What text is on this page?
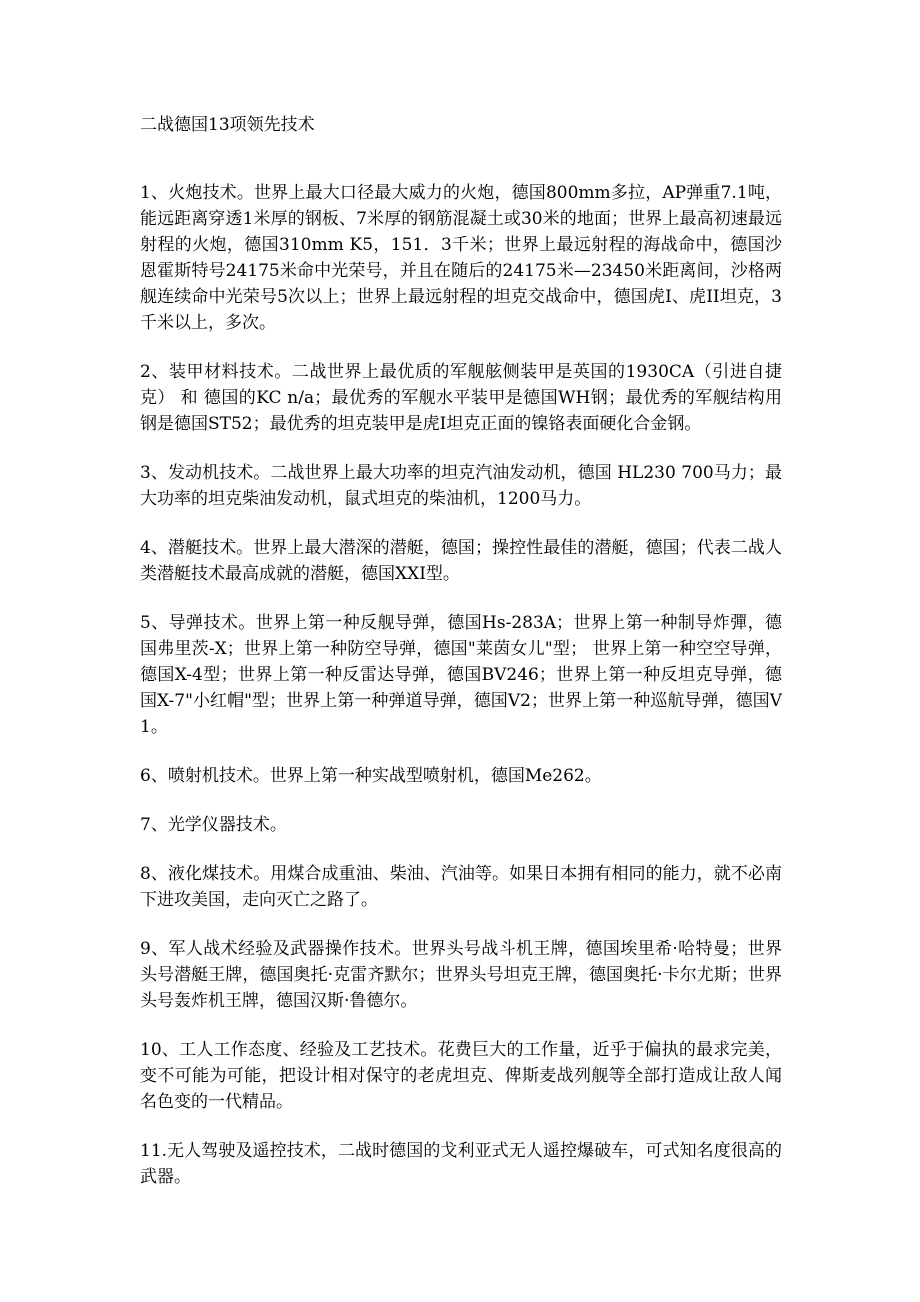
二战德国13项领先技术

1、火炮技术。世界上最大口径最大威力的火炮，德国800mm多拉，AP弹重7.1吨，能远距离穿透1米厚的钢板、7米厚的钢筋混凝土或30米的地面；世界上最高初速最远射程的火炮，德国310mm K5，151．3千米；世界上最远射程的海战命中，德国沙恩霍斯特号24175米命中光荣号，并且在随后的24175米—23450米距离间，沙格两舰连续命中光荣号5次以上；世界上最远射程的坦克交战命中，德国虎I、虎II坦克，3千米以上，多次。

2、装甲材料技术。二战世界上最优质的军舰舷侧装甲是英国的1930CA（引进自捷克） 和 德国的KC n/a；最优秀的军舰水平装甲是德国WH钢；最优秀的军舰结构用钢是德国ST52；最优秀的坦克装甲是虎I坦克正面的镍铬表面硬化合金钢。

3、发动机技术。二战世界上最大功率的坦克汽油发动机，德国 HL230 700马力；最大功率的坦克柴油发动机，鼠式坦克的柴油机，1200马力。

4、潜艇技术。世界上最大潜深的潜艇，德国；操控性最佳的潜艇，德国；代表二战人类潜艇技术最高成就的潜艇，德国XXI型。

5、导弹技术。世界上第一种反舰导弹，德国Hs-283A；世界上第一种制导炸彈，德国弗里茨-X；世界上第一种防空导弹，德国"莱茵女儿"型； 世界上第一种空空导弹，德国X-4型；世界上第一种反雷达导弹，德国BV246；世界上第一种反坦克导弹，德国X-7"小红帽"型；世界上第一种弹道导弹，德国V2；世界上第一种巡航导弹，德国V1。

6、喷射机技术。世界上第一种实战型喷射机，德国Me262。

7、光学仪器技术。

8、液化煤技术。用煤合成重油、柴油、汽油等。如果日本拥有相同的能力，就不必南下进攻美国，走向灭亡之路了。

9、军人战术经验及武器操作技术。世界头号战斗机王牌，德国埃里希·哈特曼；世界头号潜艇王牌，德国奥托·克雷齐默尔；世界头号坦克王牌，德国奥托·卡尔尤斯；世界头号轰炸机王牌，德国汉斯·鲁德尔。

10、工人工作态度、经验及工艺技术。花费巨大的工作量，近乎于偏执的最求完美，变不可能为可能，把设计相对保守的老虎坦克、俾斯麦战列舰等全部打造成让敌人闻名色变的一代精品。

11.无人驾驶及遥控技术，二战时德国的戈利亚式无人遥控爆破车，可式知名度很高的武器。
